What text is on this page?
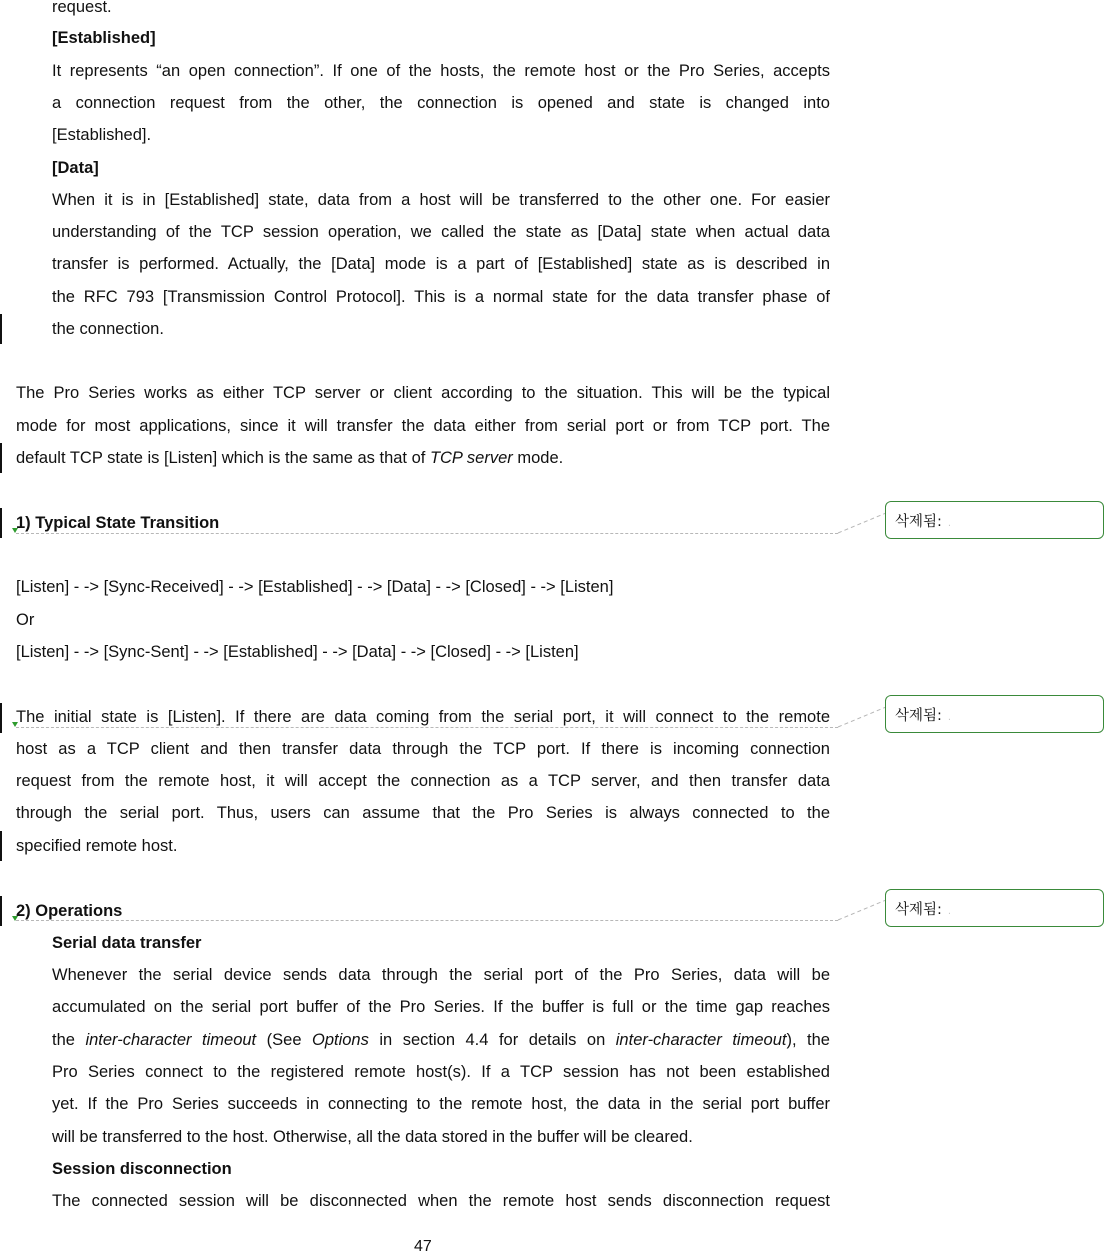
request.
[Established]
It represents “an open connection”. If one of the hosts, the remote host or the Pro Series, accepts
a connection request from the other, the connection is opened and state is changed into
[Established].
[Data]
When it is in [Established] state, data from a host will be transferred to the other one. For easier
understanding of the TCP session operation, we called the state as [Data] state when actual data
transfer is performed. Actually, the [Data] mode is a part of [Established] state as is described in
the RFC 793 [Transmission Control Protocol]. This is a normal state for the data transfer phase of
the connection.
The Pro Series works as either TCP server or client according to the situation. This will be the typical
mode for most applications, since it will transfer the data either from serial port or from TCP port. The
default TCP state is [Listen] which is the same as that of TCP server mode.
1) Typical State Transition
[Listen] - -> [Sync-Received] - -> [Established] - -> [Data] - -> [Closed] - -> [Listen]
Or
[Listen] - -> [Sync-Sent] - -> [Established] - -> [Data] - -> [Closed] - -> [Listen]
The initial state is [Listen]. If there are data coming from the serial port, it will connect to the remote
host as a TCP client and then transfer data through the TCP port. If there is incoming connection
request from the remote host, it will accept the connection as a TCP server, and then transfer data
through the serial port. Thus, users can assume that the Pro Series is always connected to the
specified remote host.
2) Operations
Serial data transfer
Whenever the serial device sends data through the serial port of the Pro Series, data will be
accumulated on the serial port buffer of the Pro Series. If the buffer is full or the time gap reaches
the inter-character timeout (See Options in section 4.4 for details on inter-character timeout), the
Pro Series connect to the registered remote host(s). If a TCP session has not been established
yet. If the Pro Series succeeds in connecting to the remote host, the data in the serial port buffer
will be transferred to the host. Otherwise, all the data stored in the buffer will be cleared.
Session disconnection
The connected session will be disconnected when the remote host sends disconnection request
삭제됨: .
삭제됨: .
삭제됨: .
47
